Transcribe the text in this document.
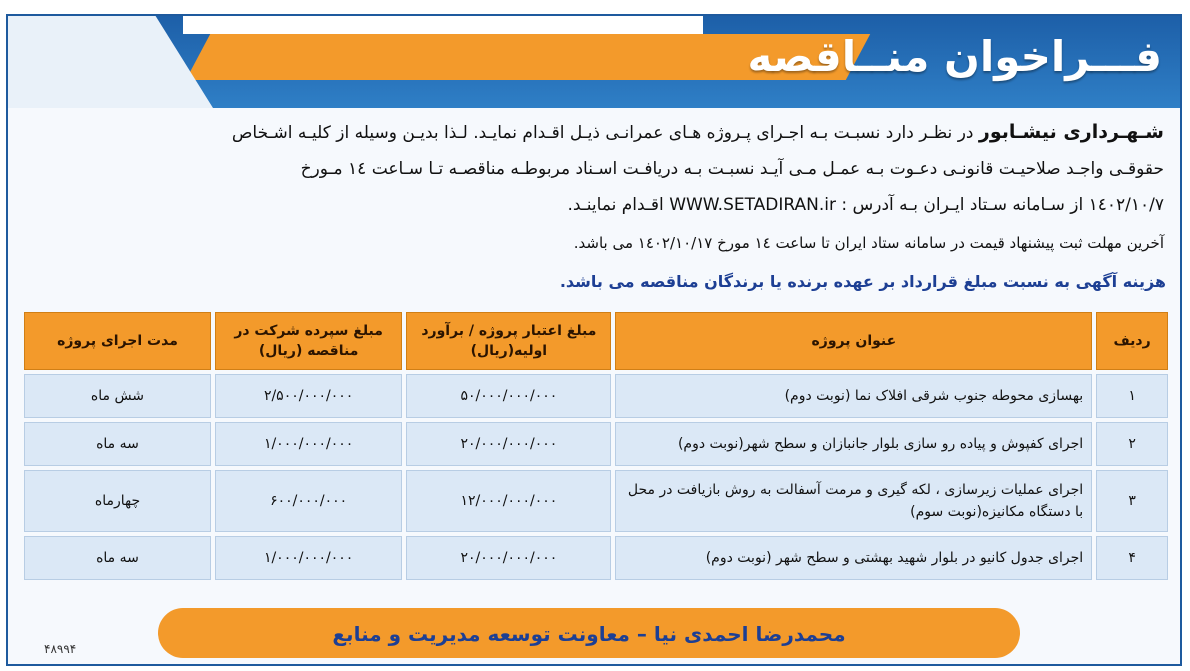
فـــراخوان منــاقصه
شـهـرداری نیشـابور در نظـر دارد نسبـت بـه اجـرای پـروژه هـای عمرانـی ذیـل اقـدام نمایـد. لـذا بدیـن وسیله از کلیـه اشـخاص
حقوقـی واجـد صلاحیـت قانونـی دعـوت بـه عمـل مـی آیـد نسبـت بـه دریافـت اسـناد مربوطـه مناقصـه تـا سـاعت ۱٤ مـورخ
۱٤۰۲/۱۰/۷ از سـامانه سـتاد ایـران بـه آدرس : WWW.SETADIRAN.ir اقـدام نماینـد.
آخرین مهلت ثبت پیشنهاد قیمت در سامانه ستاد ایران تا ساعت ۱٤ مورخ ۱٤۰۲/۱۰/۱۷ می باشد.
هزینه آگهی به نسبت مبلغ قرارداد بر عهده برنده یا برندگان مناقصه می باشد.
ردیف	عنوان پروژه	مبلغ اعتبار پروژه / برآورد اولیه(ریال)	مبلغ سپرده شرکت در مناقصه (ریال)	مدت اجرای پروژه
۱	بهسازی محوطه جنوب شرقی افلاک نما (نوبت دوم)	۵۰/۰۰۰/۰۰۰/۰۰۰	۲/۵۰۰/۰۰۰/۰۰۰	شش ماه
۲	اجرای کفپوش و پیاده رو سازی بلوار جانبازان و سطح شهر(نوبت دوم)	۲۰/۰۰۰/۰۰۰/۰۰۰	۱/۰۰۰/۰۰۰/۰۰۰	سه ماه
۳	اجرای عملیات زیرسازی ، لکه گیری و مرمت آسفالت به روش بازیافت در محل با دستگاه مکانیزه(نوبت سوم)	۱۲/۰۰۰/۰۰۰/۰۰۰	۶۰۰/۰۰۰/۰۰۰	چهارماه
۴	اجرای جدول کانیو در بلوار شهید بهشتی و سطح شهر (نوبت دوم)	۲۰/۰۰۰/۰۰۰/۰۰۰	۱/۰۰۰/۰۰۰/۰۰۰	سه ماه
محمدرضا احمدی نیا – معاونت توسعه مدیریت و منابع
۴۸۹۹۴
